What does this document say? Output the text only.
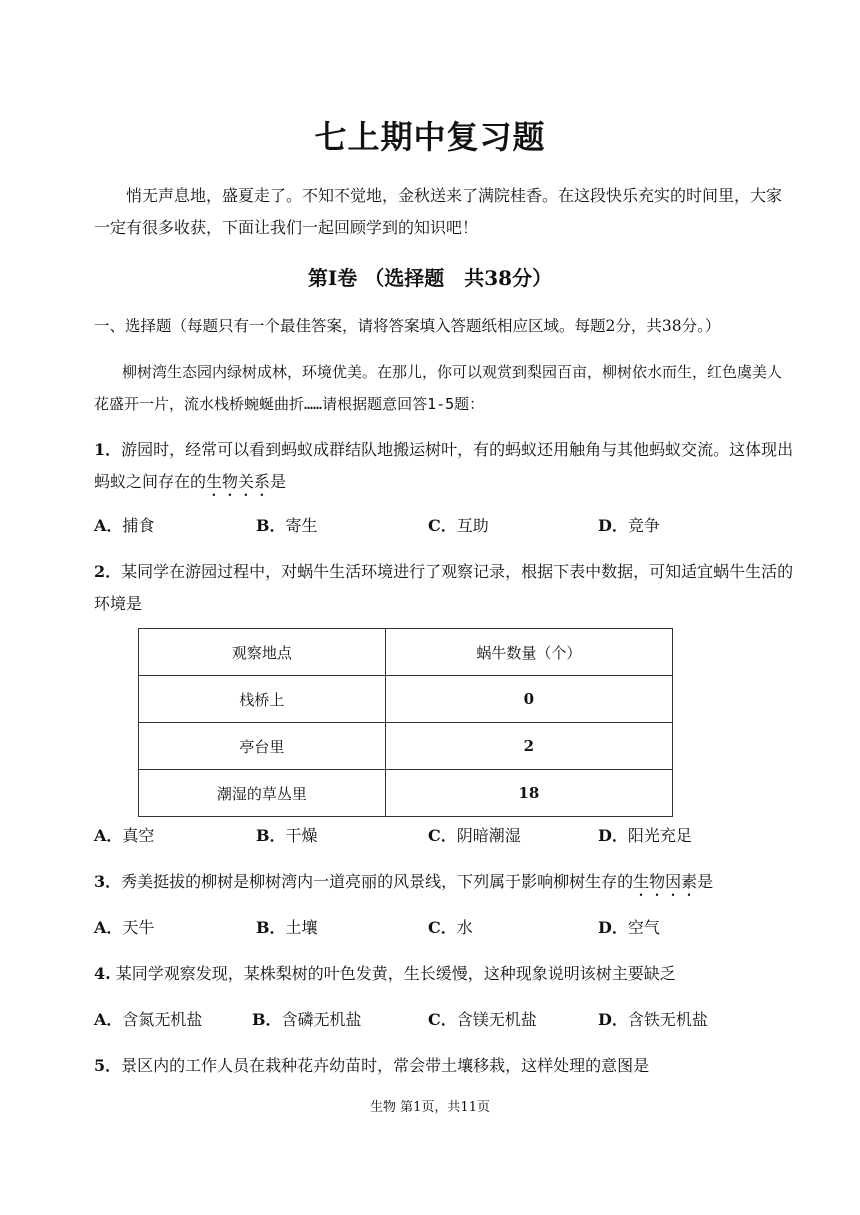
七上期中复习题
悄无声息地，盛夏走了。不知不觉地，金秋送来了满院桂香。在这段快乐充实的时间里，大家一定有很多收获，下面让我们一起回顾学到的知识吧！
第Ⅰ卷 （选择题　共38分）
一、选择题（每题只有一个最佳答案，请将答案填入答题纸相应区域。每题2分，共38分。）
柳树湾生态园内绿树成林，环境优美。在那儿，你可以观赏到梨园百亩，柳树依水而生，红色虞美人花盛开一片，流水栈桥蜿蜒曲折……请根据题意回答1-5题：
1．游园时，经常可以看到蚂蚁成群结队地搬运树叶，有的蚂蚁还用触角与其他蚂蚁交流。这体现出蚂蚁之间存在的生物关系是
A．捕食	B．寄生	C．互助	D．竞争
2．某同学在游园过程中，对蜗牛生活环境进行了观察记录，根据下表中数据，可知适宜蜗牛生活的环境是
观察地点	蜗牛数量（个）
栈桥上	0
亭台里	2
潮湿的草丛里	18
A．真空	B．干燥	C．阴暗潮湿	D．阳光充足
3．秀美挺拔的柳树是柳树湾内一道亮丽的风景线，下列属于影响柳树生存的生物因素是
A．天牛	B．土壤	C．水	D．空气
4. 某同学观察发现，某株梨树的叶色发黄，生长缓慢，这种现象说明该树主要缺乏
A．含氮无机盐	B．含磷无机盐	C．含镁无机盐	D．含铁无机盐
5．景区内的工作人员在栽种花卉幼苗时，常会带土壤移栽，这样处理的意图是
生物 第1页，共11页
